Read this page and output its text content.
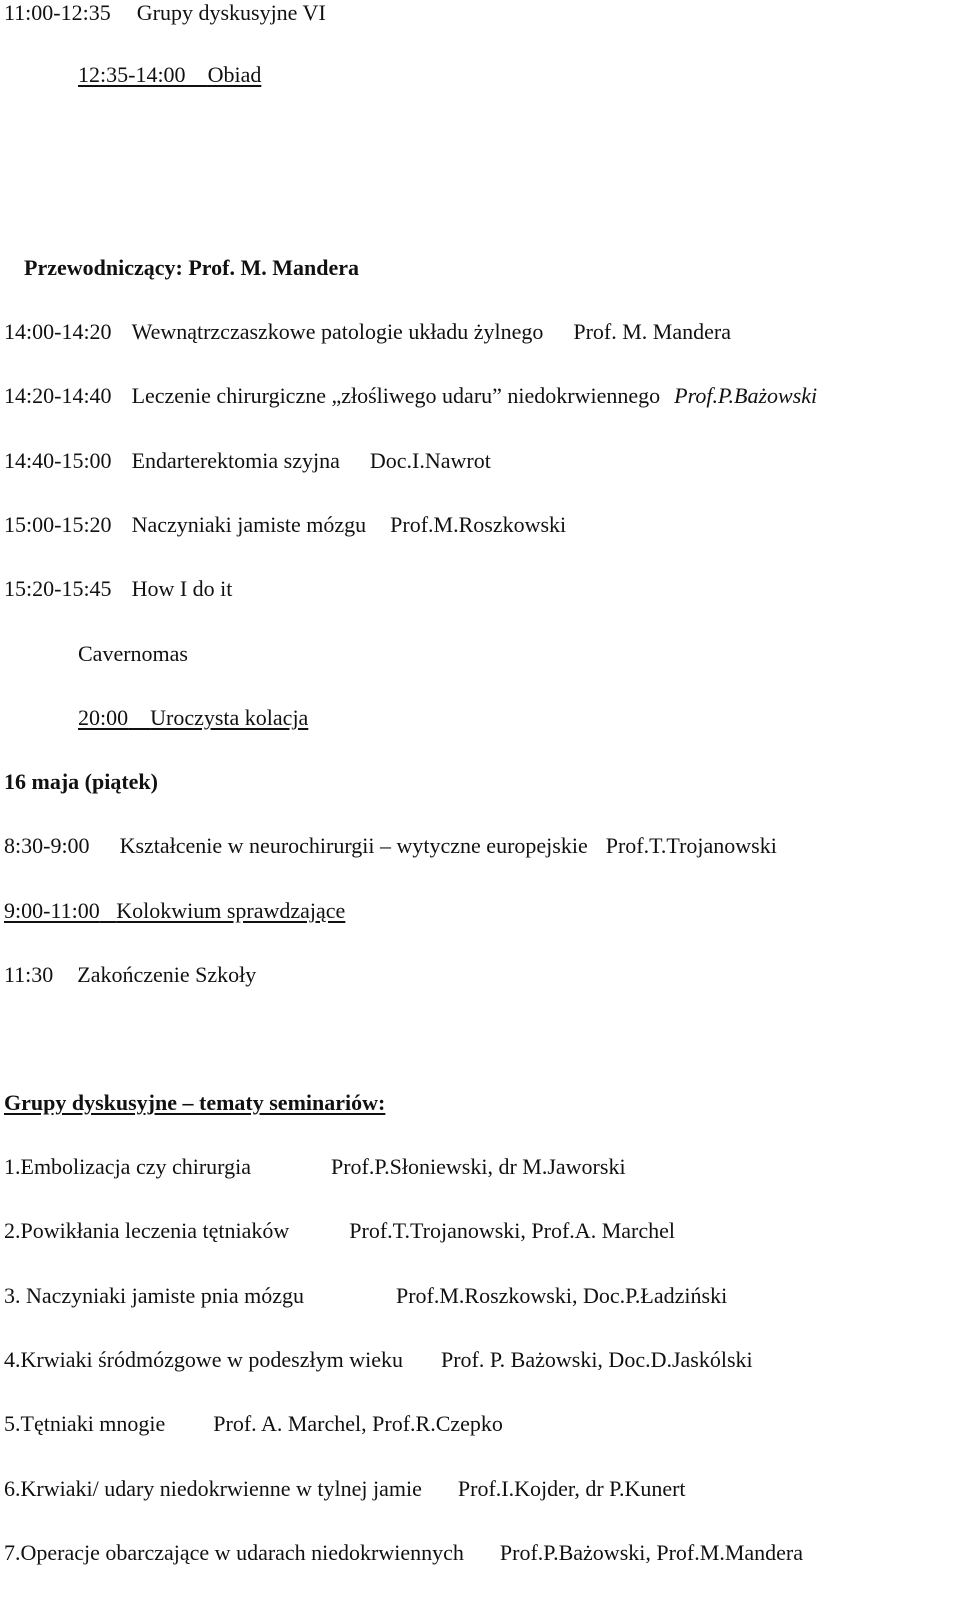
11:00-12:35 Grupy dyskusyjne VI
12:35-14:00 Obiad
Przewodniczący: Prof. M. Mandera
14:00-14:20 Wewnątrzczaszkowe patologie układu żylnego Prof. M. Mandera
14:20-14:40 Leczenie chirurgiczne „złośliwego udaru” niedokrwiennego Prof.P.Bażowski
14:40-15:00 Endarterektomia szyjna Doc.I.Nawrot
15:00-15:20 Naczyniaki jamiste mózgu Prof.M.Roszkowski
15:20-15:45 How I do it
Cavernomas
20:00 Uroczysta kolacja
16 maja (piątek)
8:30-9:00 Kształcenie w neurochirurgii – wytyczne europejskie Prof.T.Trojanowski
9:00-11:00 Kolokwium sprawdzające
11:30 Zakończenie Szkoły
Grupy dyskusyjne – tematy seminariów:
1.Embolizacja czy chirurgia	Prof.P.Słoniewski, dr M.Jaworski
2.Powikłania leczenia tętniaków	Prof.T.Trojanowski, Prof.A. Marchel
3. Naczyniaki jamiste pnia mózgu	Prof.M.Roszkowski, Doc.P.Ładziński
4.Krwiaki śródmózgowe w podeszłym wieku Prof. P. Bażowski, Doc.D.Jaskólski
5.Tętniaki mnogie Prof. A. Marchel, Prof.R.Czepko
6.Krwiaki/ udary niedokrwienne w tylnej jamie Prof.I.Kojder, dr P.Kunert
7.Operacje obarczające w udarach niedokrwiennych Prof.P.Bażowski, Prof.M.Mandera
